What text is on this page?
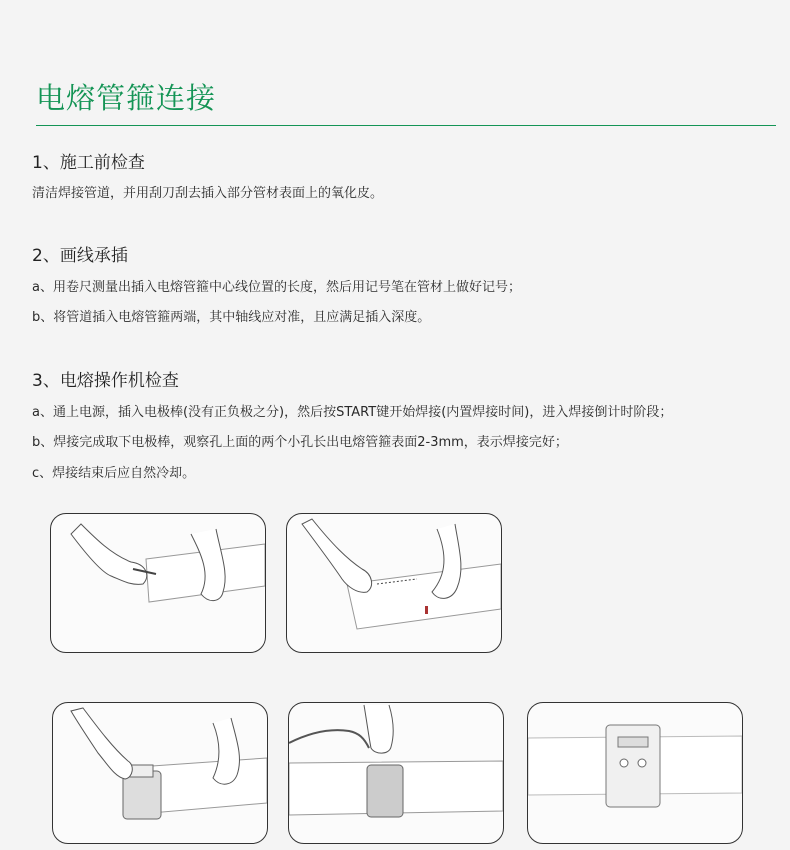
电熔管箍连接
1、施工前检查
清洁焊接管道，并用刮刀刮去插入部分管材表面上的氧化皮。
2、画线承插
a、用卷尺测量出插入电熔管箍中心线位置的长度，然后用记号笔在管材上做好记号；
b、将管道插入电熔管箍两端，其中轴线应对准，且应满足插入深度。
3、电熔操作机检查
a、通上电源，插入电极棒(没有正负极之分)，然后按START键开始焊接(内置焊接时间)，进入焊接倒计时阶段；
b、焊接完成取下电极棒，观察孔上面的两个小孔长出电熔管箍表面2-3mm，表示焊接完好；
c、焊接结束后应自然冷却。
